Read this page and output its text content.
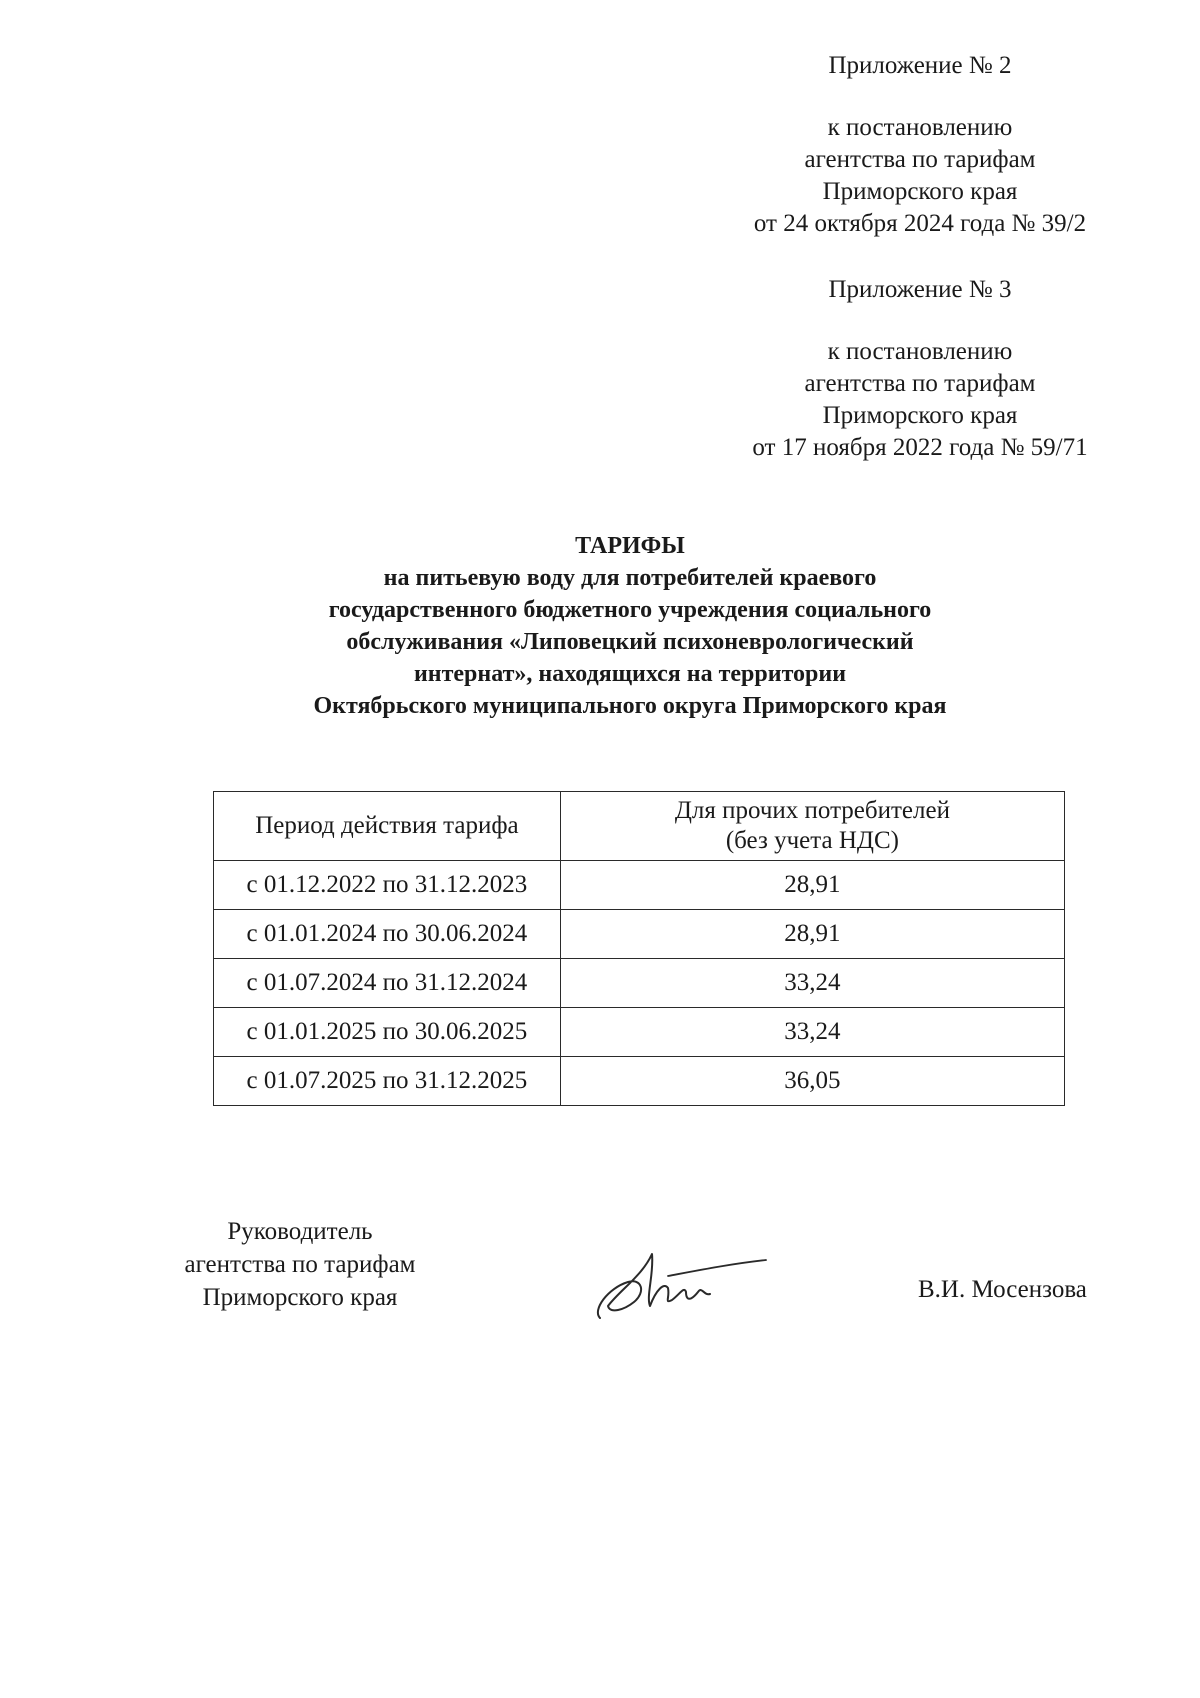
Приложение № 2

к постановлению

агентства по тарифам

Приморского края

от 24 октября 2024 года № 39/2

Приложение № 3

к постановлению

агентства по тарифам

Приморского края

от 17 ноября 2022 года № 59/71

ТАРИФЫ

на питьевую воду для потребителей краевого

государственного бюджетного учреждения социального

обслуживания «Липовецкий психоневрологический

интернат», находящихся на территории

Октябрьского муниципального округа Приморского края

Период действия тарифа	Для прочих потребителей
(без учета НДС)

с 01.12.2022 по 31.12.2023	28,91
с 01.01.2024 по 30.06.2024	28,91
с 01.07.2024 по 31.12.2024	33,24
с 01.01.2025 по 30.06.2025	33,24
с 01.07.2025 по 31.12.2025	36,05

Руководитель

агентства по тарифам

Приморского края	В.И. Мосензова
